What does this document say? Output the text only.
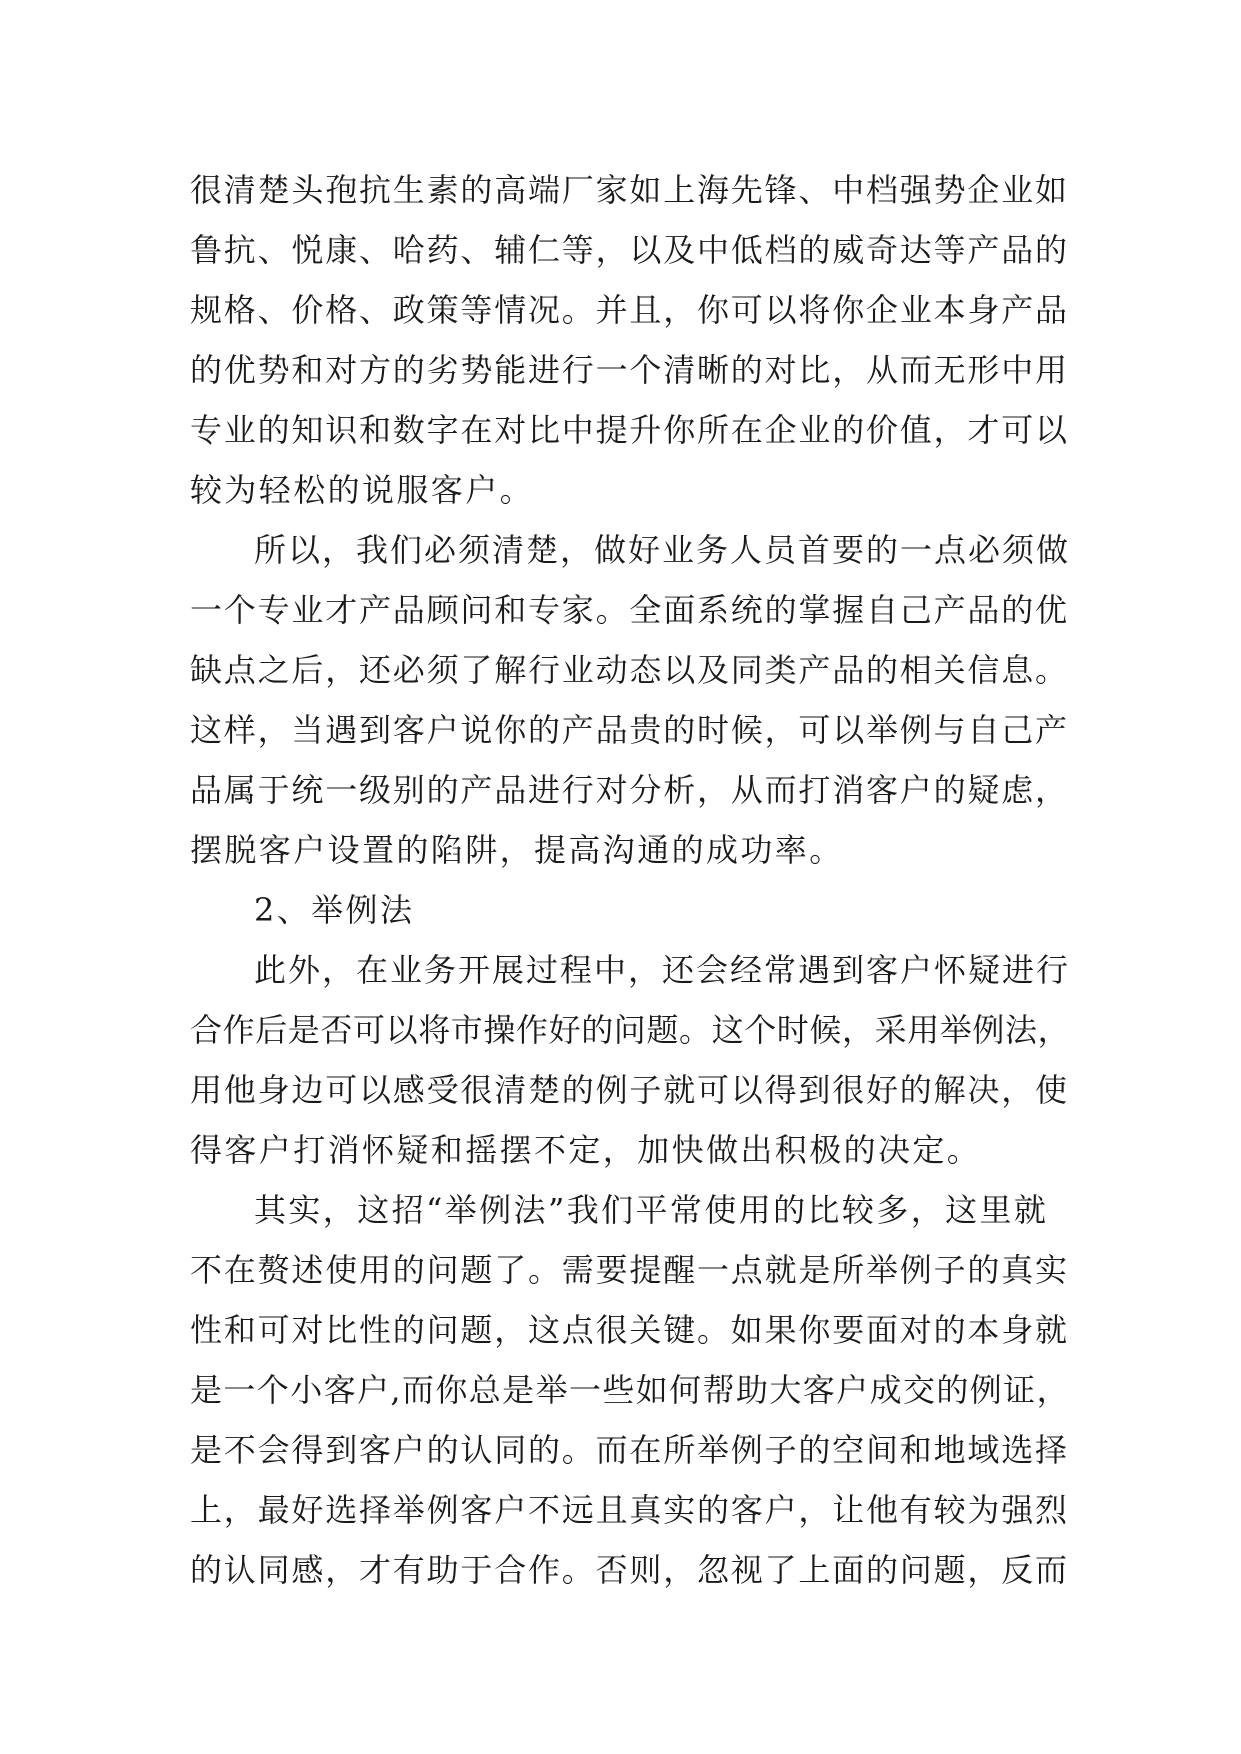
很清楚头孢抗生素的高端厂家如上海先锋、中档强势企业如
鲁抗、悦康、哈药、辅仁等，以及中低档的威奇达等产品的
规格、价格、政策等情况。并且，你可以将你企业本身产品
的优势和对方的劣势能进行一个清晰的对比，从而无形中用
专业的知识和数字在对比中提升你所在企业的价值，才可以
较为轻松的说服客户。
所以，我们必须清楚，做好业务人员首要的一点必须做
一个专业才产品顾问和专家。全面系统的掌握自己产品的优
缺点之后，还必须了解行业动态以及同类产品的相关信息。
这样，当遇到客户说你的产品贵的时候，可以举例与自己产
品属于统一级别的产品进行对分析，从而打消客户的疑虑，
摆脱客户设置的陷阱，提高沟通的成功率。
2、举例法
此外，在业务开展过程中，还会经常遇到客户怀疑进行
合作后是否可以将市操作好的问题。这个时候，采用举例法，
用他身边可以感受很清楚的例子就可以得到很好的解决，使
得客户打消怀疑和摇摆不定，加快做出积极的决定。
其实，这招“举例法”我们平常使用的比较多，这里就
不在赘述使用的问题了。需要提醒一点就是所举例子的真实
性和可对比性的问题，这点很关键。如果你要面对的本身就
是一个小客户,而你总是举一些如何帮助大客户成交的例证，
是不会得到客户的认同的。而在所举例子的空间和地域选择
上，最好选择举例客户不远且真实的客户，让他有较为强烈
的认同感，才有助于合作。否则，忽视了上面的问题，反而
